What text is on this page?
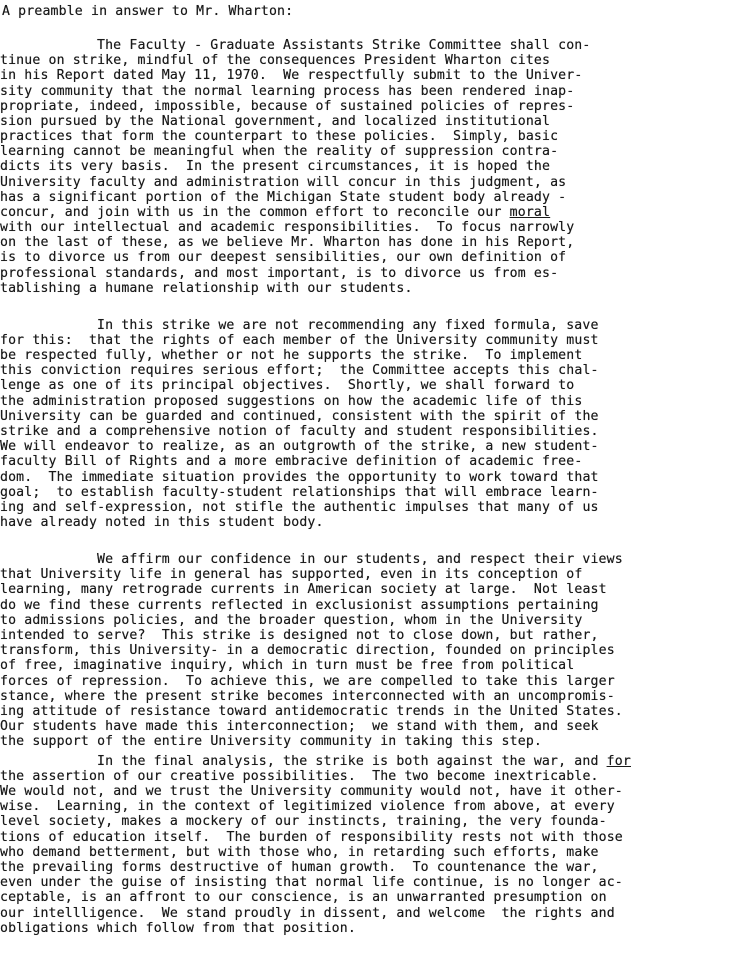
A preamble in answer to Mr. Wharton:
The Faculty - Graduate Assistants Strike Committee shall con-
tinue on strike, mindful of the consequences President Wharton cites
in his Report dated May 11, 1970.  We respectfully submit to the Univer-
sity community that the normal learning process has been rendered inap-
propriate, indeed, impossible, because of sustained policies of repres-
sion pursued by the National government, and localized institutional
practices that form the counterpart to these policies.  Simply, basic
learning cannot be meaningful when the reality of suppression contra-
dicts its very basis.  In the present circumstances, it is hoped the
University faculty and administration will concur in this judgment, as
has a significant portion of the Michigan State student body already -
concur, and join with us in the common effort to reconcile our moral
with our intellectual and academic responsibilities.  To focus narrowly
on the last of these, as we believe Mr. Wharton has done in his Report,
is to divorce us from our deepest sensibilities, our own definition of
professional standards, and most important, is to divorce us from es-
tablishing a humane relationship with our students.
In this strike we are not recommending any fixed formula, save
for this:  that the rights of each member of the University community must
be respected fully, whether or not he supports the strike.  To implement
this conviction requires serious effort;  the Committee accepts this chal-
lenge as one of its principal objectives.  Shortly, we shall forward to
the administration proposed suggestions on how the academic life of this
University can be guarded and continued, consistent with the spirit of the
strike and a comprehensive notion of faculty and student responsibilities.
We will endeavor to realize, as an outgrowth of the strike, a new student-
faculty Bill of Rights and a more embracive definition of academic free-
dom.  The immediate situation provides the opportunity to work toward that
goal;  to establish faculty-student relationships that will embrace learn-
ing and self-expression, not stifle the authentic impulses that many of us
have already noted in this student body.
We affirm our confidence in our students, and respect their views
that University life in general has supported, even in its conception of
learning, many retrograde currents in American society at large.  Not least
do we find these currents reflected in exclusionist assumptions pertaining
to admissions policies, and the broader question, whom in the University
intended to serve?  This strike is designed not to close down, but rather,
transform, this University- in a democratic direction, founded on principles
of free, imaginative inquiry, which in turn must be free from political
forces of repression.  To achieve this, we are compelled to take this larger
stance, where the present strike becomes interconnected with an uncompromis-
ing attitude of resistance toward antidemocratic trends in the United States.
Our students have made this interconnection;  we stand with them, and seek
the support of the entire University community in taking this step.
In the final analysis, the strike is both against the war, and for
the assertion of our creative possibilities.  The two become inextricable.
We would not, and we trust the University community would not, have it other-
wise.  Learning, in the context of legitimized violence from above, at every
level society, makes a mockery of our instincts, training, the very founda-
tions of education itself.  The burden of responsibility rests not with those
who demand betterment, but with those who, in retarding such efforts, make
the prevailing forms destructive of human growth.  To countenance the war,
even under the guise of insisting that normal life continue, is no longer ac-
ceptable, is an affront to our conscience, is an unwarranted presumption on
our intellligence.  We stand proudly in dissent, and welcome  the rights and
obligations which follow from that position.
